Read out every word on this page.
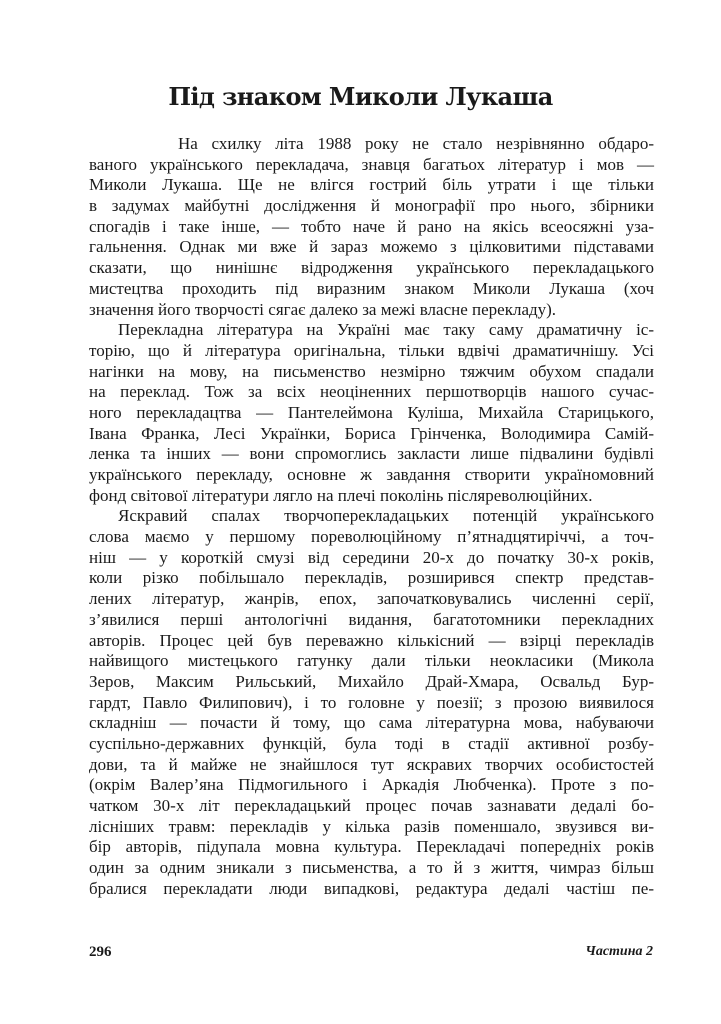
Під знаком Миколи Лукаша
На схилку літа 1988 року не стало незрівнянно обдаро-
ваного українського перекладача, знавця багатьох літератур і мов —
Миколи Лукаша. Ще не влігся гострий біль утрати і ще тільки
в задумах майбутні дослідження й монографії про нього, збірники
спогадів і таке інше, — тобто наче й рано на якісь всеосяжні уза-
гальнення. Однак ми вже й зараз можемо з цілковитими підставами
сказати, що нинішнє відродження українського перекладацького
мистецтва проходить під виразним знаком Миколи Лукаша (хоч
значення його творчості сягає далеко за межі власне перекладу).
Перекладна література на Україні має таку саму драматичну іс-
торію, що й література оригінальна, тільки вдвічі драматичнішу. Усі
нагінки на мову, на письменство незмірно тяжчим обухом спадали
на переклад. Тож за всіх неоціненних першотворців нашого сучас-
ного перекладацтва — Пантелеймона Куліша, Михайла Старицького,
Івана Франка, Лесі Українки, Бориса Грінченка, Володимира Самій-
ленка та інших — вони спромоглись закласти лише підвалини будівлі
українського перекладу, основне ж завдання створити україномовний
фонд світової літератури лягло на плечі поколінь післяреволюційних.
Яскравий спалах творчоперекладацьких потенцій українського
слова маємо у першому пореволюційному п’ятнадцятиріччі, а точ-
ніш — у короткій смузі від середини 20-х до початку 30-х років,
коли різко побільшало перекладів, розширився спектр представ-
лених літератур, жанрів, епох, започатковувались численні серії,
з’явилися перші антологічні видання, багатотомники перекладних
авторів. Процес цей був переважно кількісний — взірці перекладів
найвищого мистецького гатунку дали тільки неокласики (Микола
Зеров, Максим Рильський, Михайло Драй-Хмара, Освальд Бур-
гардт, Павло Филипович), і то головне у поезії; з прозою виявилося
складніш — почасти й тому, що сама літературна мова, набуваючи
суспільно-державних функцій, була тоді в стадії активної розбу-
дови, та й майже не знайшлося тут яскравих творчих особистостей
(окрім Валер’яна Підмогильного і Аркадія Любченка). Проте з по-
чатком 30-х літ перекладацький процес почав зазнавати дедалі бо-
лісніших травм: перекладів у кілька разів поменшало, звузився ви-
бір авторів, підупала мовна культура. Перекладачі попередніх років
один за одним зникали з письменства, а то й з життя, чимраз більш
бралися перекладати люди випадкові, редактура дедалі частіш пе-
296	Частина 2
